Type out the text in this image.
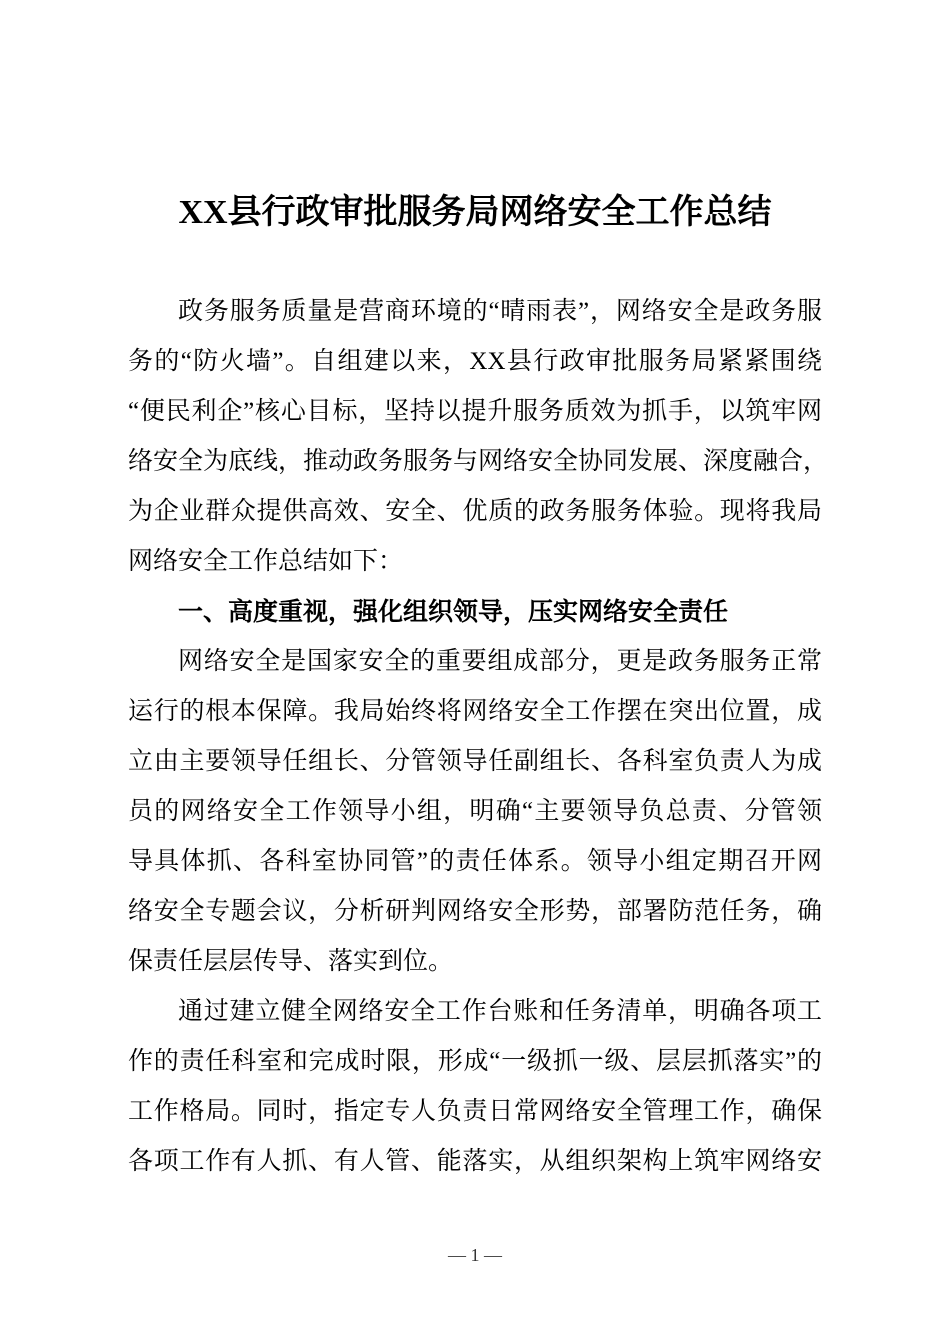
XX县行政审批服务局网络安全工作总结
政务服务质量是营商环境的“晴雨表”，网络安全是政务服
务的“防火墙”。自组建以来，XX县行政审批服务局紧紧围绕
“便民利企”核心目标，坚持以提升服务质效为抓手，以筑牢网
络安全为底线，推动政务服务与网络安全协同发展、深度融合，
为企业群众提供高效、安全、优质的政务服务体验。现将我局
网络安全工作总结如下：
一、高度重视，强化组织领导，压实网络安全责任
网络安全是国家安全的重要组成部分，更是政务服务正常
运行的根本保障。我局始终将网络安全工作摆在突出位置，成
立由主要领导任组长、分管领导任副组长、各科室负责人为成
员的网络安全工作领导小组，明确“主要领导负总责、分管领
导具体抓、各科室协同管”的责任体系。领导小组定期召开网
络安全专题会议，分析研判网络安全形势，部署防范任务，确
保责任层层传导、落实到位。
通过建立健全网络安全工作台账和任务清单，明确各项工
作的责任科室和完成时限，形成“一级抓一级、层层抓落实”的
工作格局。同时，指定专人负责日常网络安全管理工作，确保
各项工作有人抓、有人管、能落实，从组织架构上筑牢网络安
— 1 —
